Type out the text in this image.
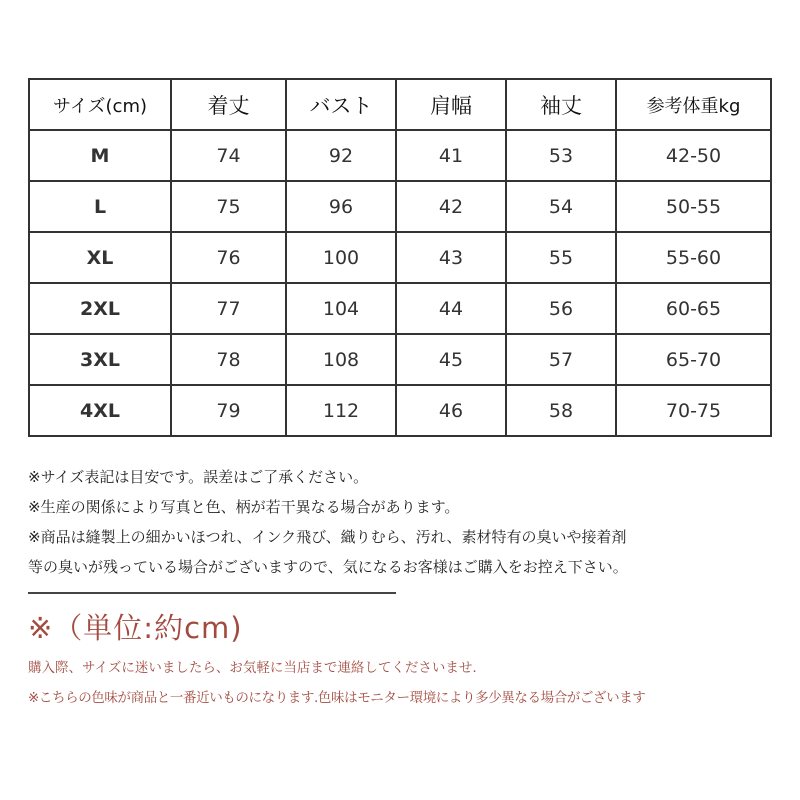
サイズ(cm)	着丈	バスト	肩幅	袖丈	参考体重kg
M	74	92	41	53	42-50
L	75	96	42	54	50-55
XL	76	100	43	55	55-60
2XL	77	104	44	56	60-65
3XL	78	108	45	57	65-70
4XL	79	112	46	58	70-75
※サイズ表記は目安です。誤差はご了承ください。
※生産の関係により写真と色、柄が若干異なる場合があります。
※商品は縫製上の細かいほつれ、インク飛び、織りむら、汚れ、素材特有の臭いや接着剤
等の臭いが残っている場合がございますので、気になるお客様はご購入をお控え下さい。
※（単位:約cm)
購入際、サイズに迷いましたら、お気軽に当店まで連絡してくださいませ.
※こちらの色味が商品と一番近いものになります.色味はモニター環境により多少異なる場合がございます
